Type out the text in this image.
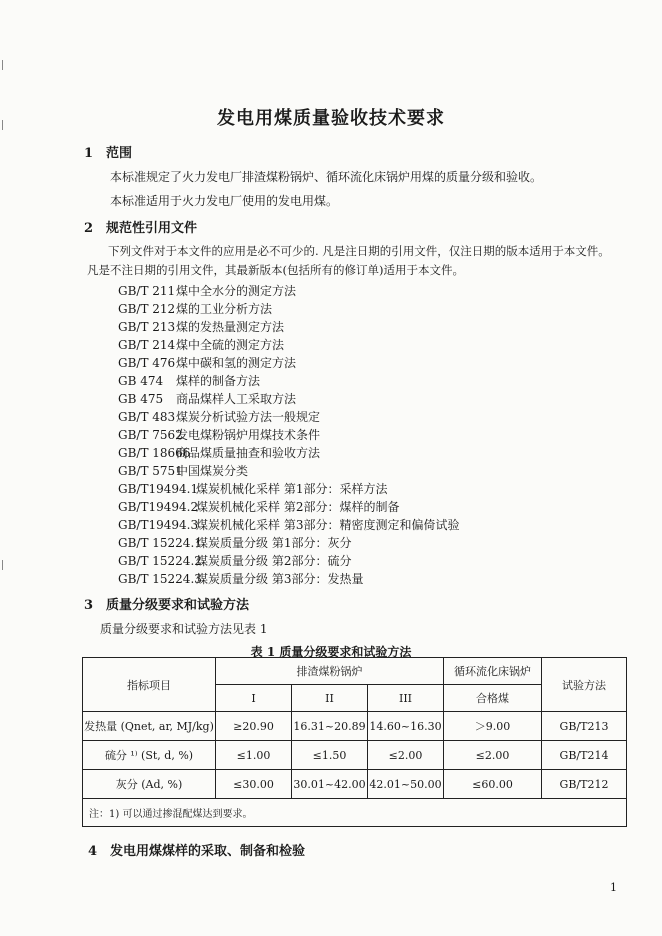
发电用煤质量验收技术要求
1 范围
本标准规定了火力发电厂排渣煤粉锅炉、循环流化床锅炉用煤的质量分级和验收。
本标准适用于火力发电厂使用的发电用煤。
2 规范性引用文件
下列文件对于本文件的应用是必不可少的. 凡是注日期的引用文件，仅注日期的版本适用于本文件。
凡是不注日期的引用文件，其最新版本(包括所有的修订单)适用于本文件。
GB/T 211煤中全水分的测定方法
GB/T 212煤的工业分析方法
GB/T 213煤的发热量测定方法
GB/T 214煤中全硫的测定方法
GB/T 476煤中碳和氢的测定方法
GB 474 煤样的制备方法
GB 475 商品煤样人工采取方法
GB/T 483煤炭分析试验方法一般规定
GB/T 7562发电煤粉锅炉用煤技术条件
GB/T 18666商品煤质量抽查和验收方法
GB/T 5751中国煤炭分类
GB/T19494.1煤炭机械化采样 第1部分：采样方法
GB/T19494.2煤炭机械化采样 第2部分：煤样的制备
GB/T19494.3煤炭机械化采样 第3部分：精密度测定和偏倚试验
GB/T 15224.1煤炭质量分级 第1部分：灰分
GB/T 15224.2煤炭质量分级 第2部分：硫分
GB/T 15224.3煤炭质量分级 第3部分：发热量
3 质量分级要求和试验方法
质量分级要求和试验方法见表 1
表 1 质量分级要求和试验方法
指标项目	排渣煤粉锅炉			循环流化床锅炉	试验方法
	I	II	III	合格煤	
发热量 (Qnet, ar, MJ/kg)	≥20.90	16.31~20.89	14.60~16.30	＞9.00	GB/T213
硫分 ¹⁾ (St, d, %)	≤1.00	≤1.50	≤2.00	≤2.00	GB/T214
灰分 (Ad, %)	≤30.00	30.01~42.00	42.01~50.00	≤60.00	GB/T212
注：1) 可以通过掺混配煤达到要求。					
4 发电用煤煤样的采取、制备和检验
1
